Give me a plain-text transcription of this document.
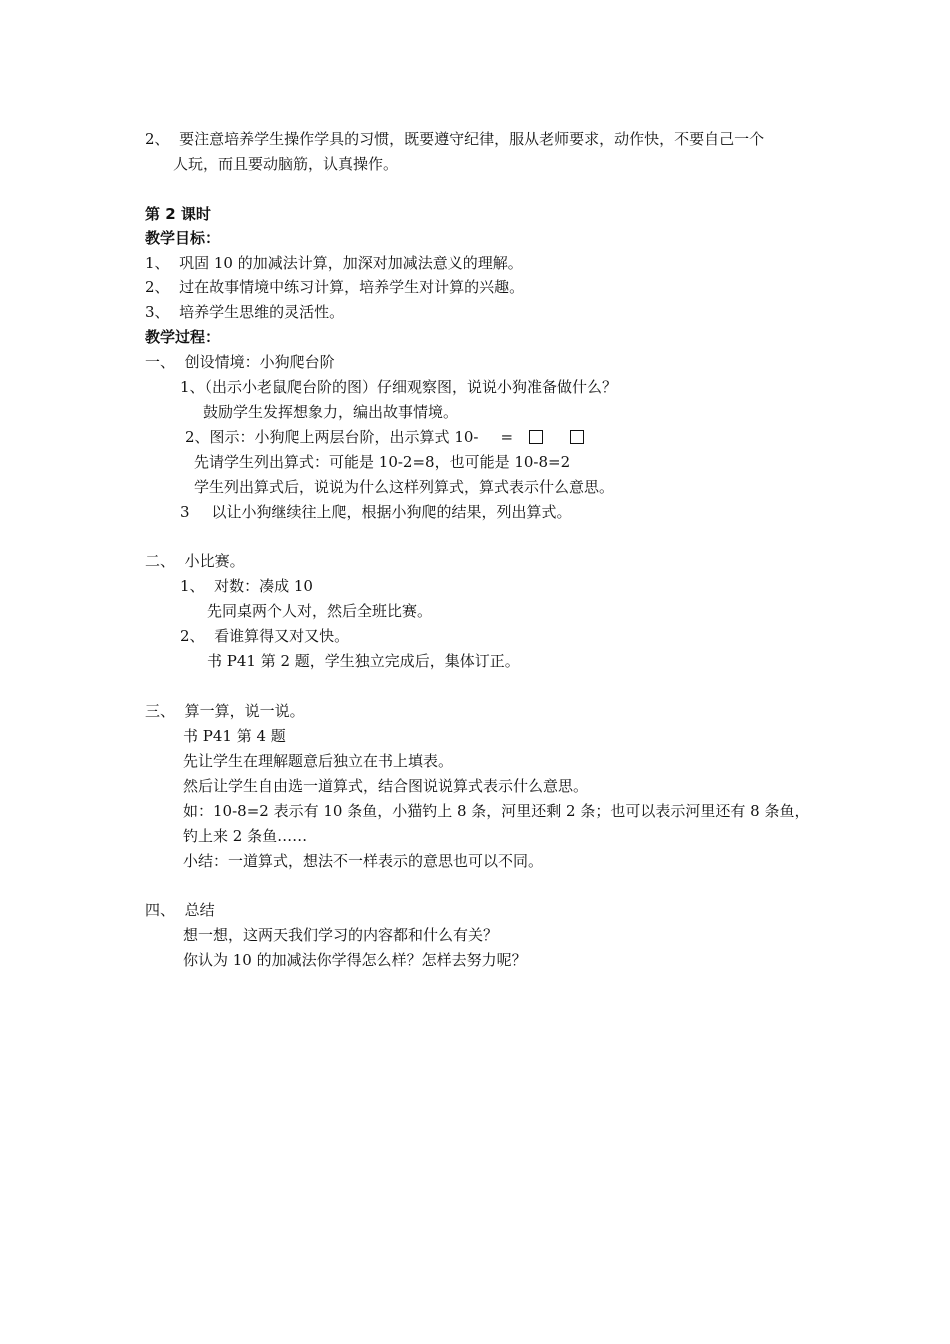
2、 要注意培养学生操作学具的习惯，既要遵守纪律，服从老师要求，动作快，不要自己一个
人玩，而且要动脑筋，认真操作。
第 2 课时
教学目标：
1、 巩固 10 的加减法计算，加深对加减法意义的理解。
2、 过在故事情境中练习计算，培养学生对计算的兴趣。
3、 培养学生思维的灵活性。
教学过程：
一、 创设情境：小狗爬台阶
1、（出示小老鼠爬台阶的图）仔细观察图，说说小狗准备做什么？
鼓励学生发挥想象力，编出故事情境。
2、图示：小狗爬上两层台阶，出示算式 10- =
先请学生列出算式：可能是 10-2=8，也可能是 10-8=2
学生列出算式后，说说为什么这样列算式，算式表示什么意思。
3 以让小狗继续往上爬，根据小狗爬的结果，列出算式。
二、 小比赛。
1、 对数：凑成 10
先同桌两个人对，然后全班比赛。
2、 看谁算得又对又快。
书 P41 第 2 题，学生独立完成后，集体订正。
三、 算一算，说一说。
书 P41 第 4 题
先让学生在理解题意后独立在书上填表。
然后让学生自由选一道算式，结合图说说算式表示什么意思。
如：10-8=2 表示有 10 条鱼，小猫钓上 8 条，河里还剩 2 条；也可以表示河里还有 8 条鱼，
钓上来 2 条鱼……
小结：一道算式，想法不一样表示的意思也可以不同。
四、 总结
想一想，这两天我们学习的内容都和什么有关？
你认为 10 的加减法你学得怎么样？怎样去努力呢？
